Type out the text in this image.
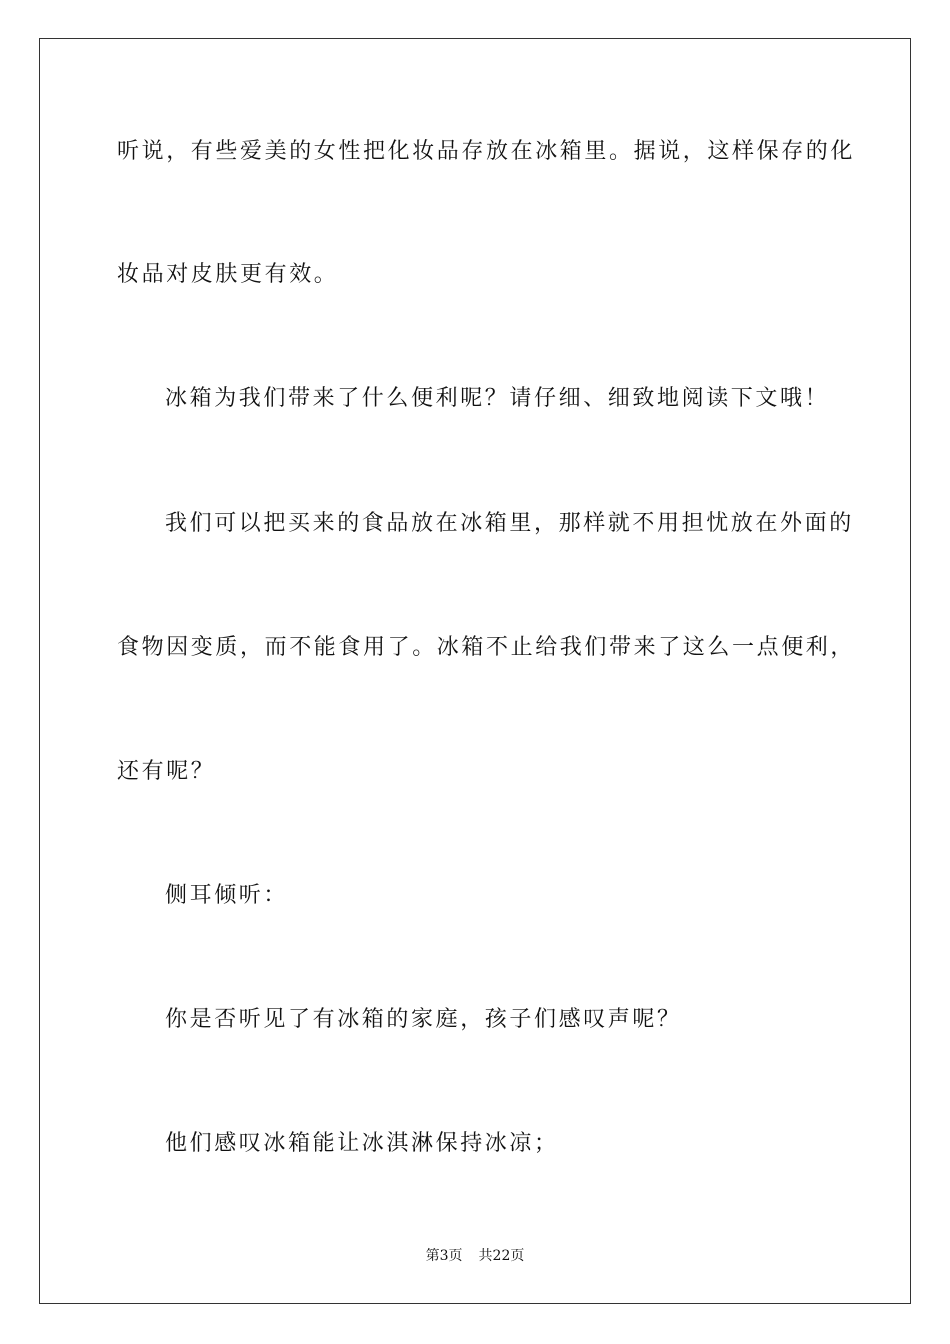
听说，有些爱美的女性把化妆品存放在冰箱里。据说，这样保存的化
妆品对皮肤更有效。
冰箱为我们带来了什么便利呢？请仔细、细致地阅读下文哦！
我们可以把买来的食品放在冰箱里，那样就不用担忧放在外面的
食物因变质，而不能食用了。冰箱不止给我们带来了这么一点便利，
还有呢？
侧耳倾听：
你是否听见了有冰箱的家庭，孩子们感叹声呢？
他们感叹冰箱能让冰淇淋保持冰凉；
第3页 共22页
